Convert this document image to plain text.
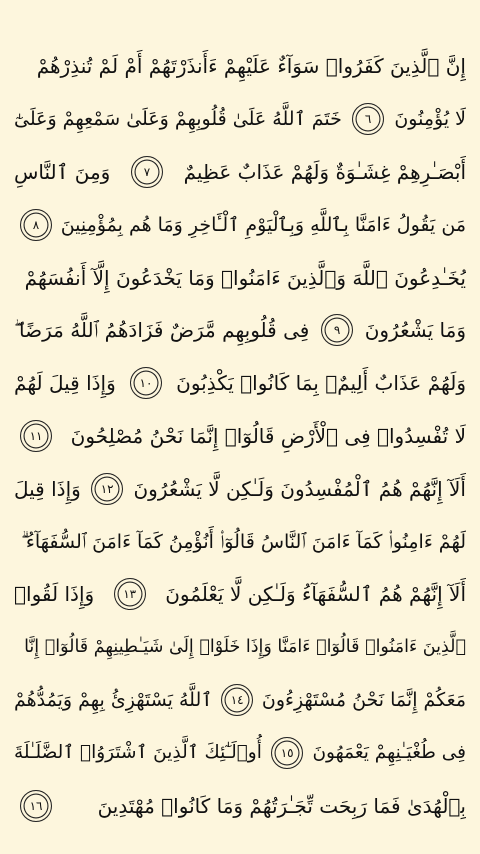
إِنَّ ٱلَّذِينَ كَفَرُوا۟ سَوَآءٌ عَلَيْهِمْ ءَأَنذَرْتَهُمْ أَمْ لَمْ تُنذِرْهُمْ
لَا يُؤْمِنُونَ
٦
خَتَمَ ٱللَّهُ عَلَىٰ قُلُوبِهِمْ وَعَلَىٰ سَمْعِهِمْ وَعَلَىٰٓ
أَبْصَـٰرِهِمْ غِشَـٰوَةٌ وَلَهُمْ عَذَابٌ عَظِيمٌ
٧
وَمِنَ ٱلنَّاسِ
مَن يَقُولُ ءَامَنَّا بِٱللَّهِ وَبِٱلْيَوْمِ ٱلْـَٔاخِرِ وَمَا هُم بِمُؤْمِنِينَ
٨
يُخَـٰدِعُونَ ٱللَّهَ وَٱلَّذِينَ ءَامَنُوا۟ وَمَا يَخْدَعُونَ إِلَّآ أَنفُسَهُمْ
وَمَا يَشْعُرُونَ
٩
فِى قُلُوبِهِم مَّرَضٌ فَزَادَهُمُ ٱللَّهُ مَرَضًا ۖ
وَلَهُمْ عَذَابٌ أَلِيمٌۢ بِمَا كَانُوا۟ يَكْذِبُونَ
١٠
وَإِذَا قِيلَ لَهُمْ
لَا تُفْسِدُوا۟ فِى ٱلْأَرْضِ قَالُوٓا۟ إِنَّمَا نَحْنُ مُصْلِحُونَ
١١
أَلَآ إِنَّهُمْ هُمُ ٱلْمُفْسِدُونَ وَلَـٰكِن لَّا يَشْعُرُونَ
١٢
وَإِذَا قِيلَ
لَهُمْ ءَامِنُوا۟ كَمَآ ءَامَنَ ٱلنَّاسُ قَالُوٓا۟ أَنُؤْمِنُ كَمَآ ءَامَنَ ٱلسُّفَهَآءُ ۗ
أَلَآ إِنَّهُمْ هُمُ ٱلسُّفَهَآءُ وَلَـٰكِن لَّا يَعْلَمُونَ
١٣
وَإِذَا لَقُوا۟
ٱلَّذِينَ ءَامَنُوا۟ قَالُوٓا۟ ءَامَنَّا وَإِذَا خَلَوْا۟ إِلَىٰ شَيَـٰطِينِهِمْ قَالُوٓا۟ إِنَّا
مَعَكُمْ إِنَّمَا نَحْنُ مُسْتَهْزِءُونَ
١٤
ٱللَّهُ يَسْتَهْزِئُ بِهِمْ وَيَمُدُّهُمْ
فِى طُغْيَـٰنِهِمْ يَعْمَهُونَ
١٥
أُو۟لَـٰٓئِكَ ٱلَّذِينَ ٱشْتَرَوُا۟ ٱلضَّلَـٰلَةَ
بِٱلْهُدَىٰ فَمَا رَبِحَت تِّجَـٰرَتُهُمْ وَمَا كَانُوا۟ مُهْتَدِينَ
١٦
